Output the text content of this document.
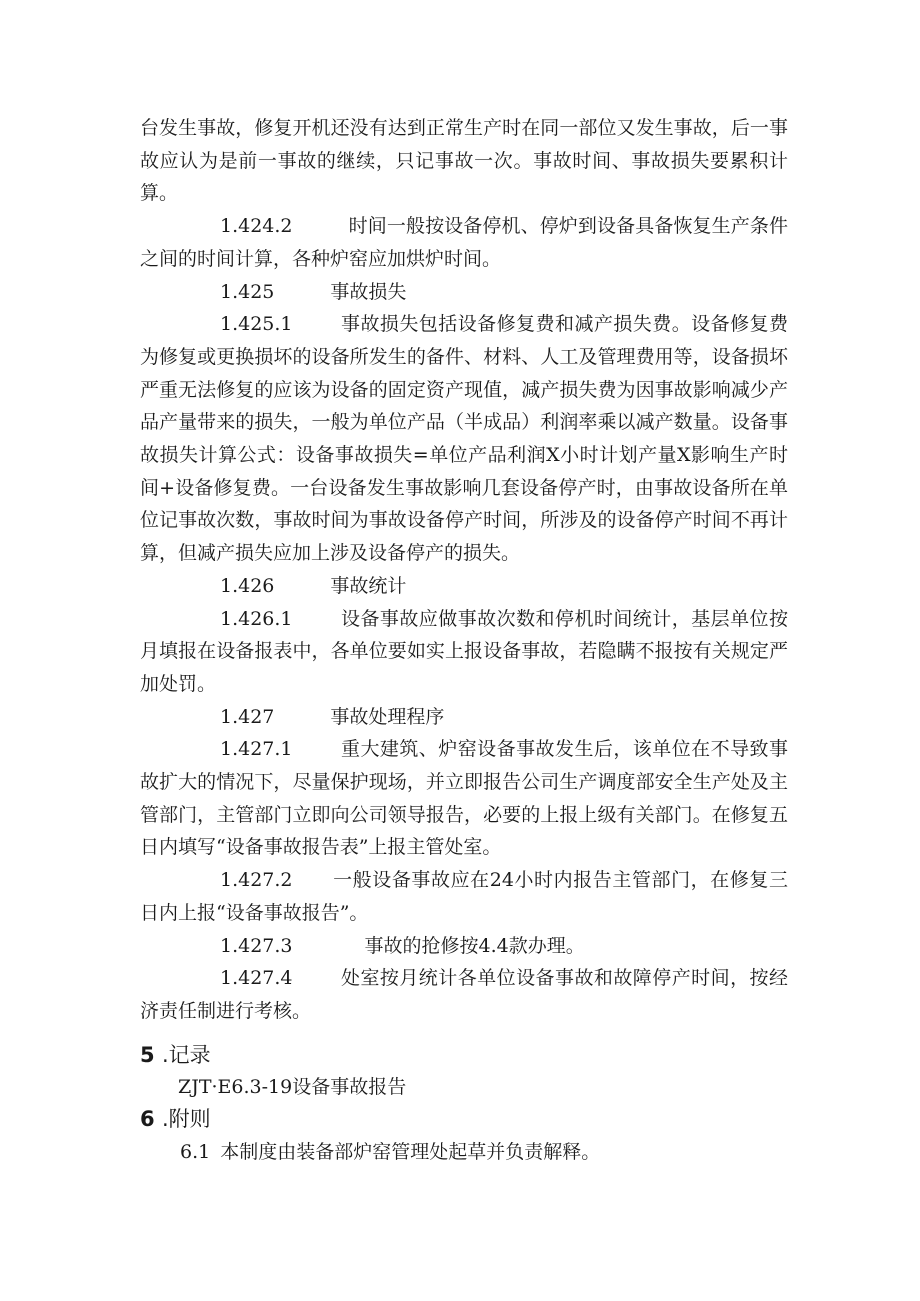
台发生事故，修复开机还没有达到正常生产时在同一部位又发生事故，后一事故应认为是前一事故的继续，只记事故一次。事故时间、事故损失要累积计算。

1.424.2	时间一般按设备停机、停炉到设备具备恢复生产条件之间的时间计算，各种炉窑应加烘炉时间。

1.425	事故损失

1.425.1	事故损失包括设备修复费和减产损失费。设备修复费为修复或更换损坏的设备所发生的备件、材料、人工及管理费用等，设备损坏严重无法修复的应该为设备的固定资产现值，减产损失费为因事故影响减少产品产量带来的损失，一般为单位产品（半成品）利润率乘以减产数量。设备事故损失计算公式：设备事故损失=单位产品利润X小时计划产量X影响生产时间+设备修复费。一台设备发生事故影响几套设备停产时，由事故设备所在单位记事故次数，事故时间为事故设备停产时间，所涉及的设备停产时间不再计算，但减产损失应加上涉及设备停产的损失。

1.426	事故统计

1.426.1	设备事故应做事故次数和停机时间统计，基层单位按月填报在设备报表中，各单位要如实上报设备事故，若隐瞒不报按有关规定严加处罚。

1.427	事故处理程序

1.427.1	重大建筑、炉窑设备事故发生后，该单位在不导致事故扩大的情况下，尽量保护现场，并立即报告公司生产调度部安全生产处及主管部门，主管部门立即向公司领导报告，必要的上报上级有关部门。在修复五日内填写“设备事故报告表”上报主管处室。

1.427.2 一般设备事故应在24小时内报告主管部门，在修复三日内上报“设备事故报告”。

1.427.3	事故的抢修按4.4款办理。

1.427.4	处室按月统计各单位设备事故和故障停产时间，按经济责任制进行考核。

5 .记录

ZJT·E6.3-19设备事故报告

6 .附则

6.1 本制度由装备部炉窑管理处起草并负责解释。
